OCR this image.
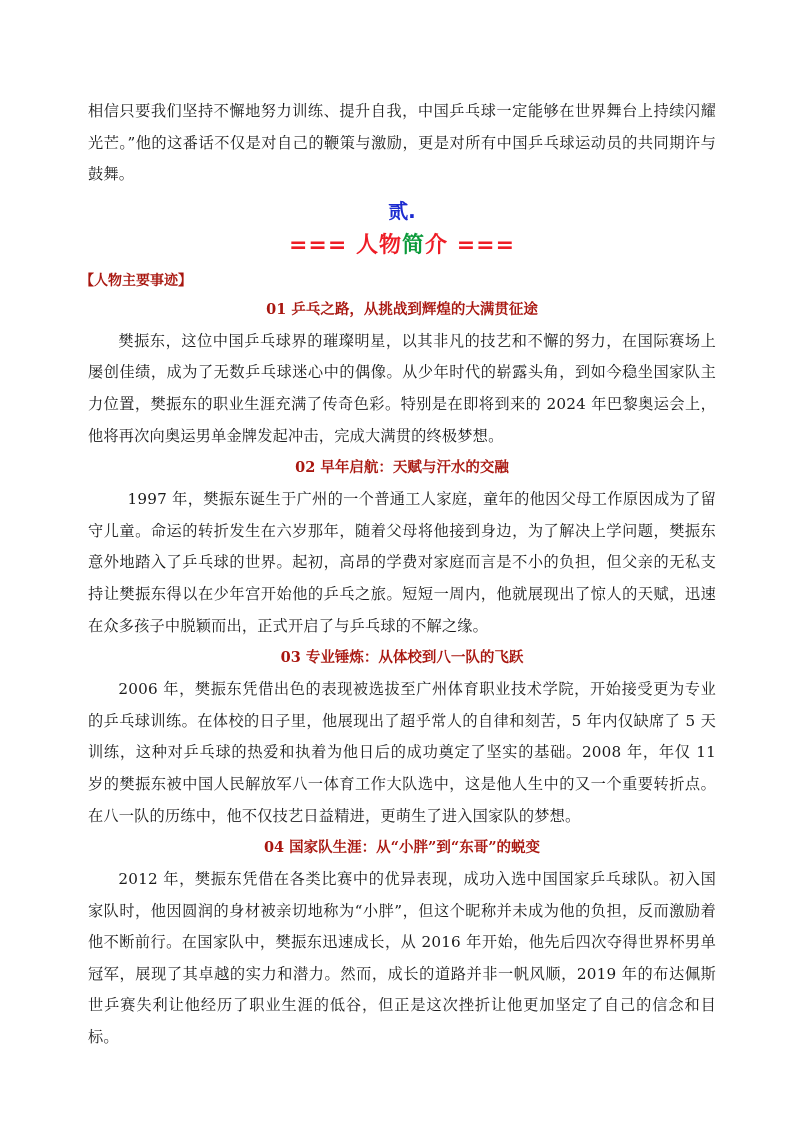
相信只要我们坚持不懈地努力训练、提升自我，中国乒乓球一定能够在世界舞台上持续闪耀光芒。”他的这番话不仅是对自己的鞭策与激励，更是对所有中国乒乓球运动员的共同期许与鼓舞。

贰.
=== 人物简介 ===
【人物主要事迹】
01 乒乓之路，从挑战到辉煌的大满贯征途

樊振东，这位中国乒乓球界的璀璨明星，以其非凡的技艺和不懈的努力，在国际赛场上屡创佳绩，成为了无数乒乓球迷心中的偶像。从少年时代的崭露头角，到如今稳坐国家队主力位置，樊振东的职业生涯充满了传奇色彩。特别是在即将到来的 2024 年巴黎奥运会上，他将再次向奥运男单金牌发起冲击，完成大满贯的终极梦想。

02 早年启航：天赋与汗水的交融

1997 年，樊振东诞生于广州的一个普通工人家庭，童年的他因父母工作原因成为了留守儿童。命运的转折发生在六岁那年，随着父母将他接到身边，为了解决上学问题，樊振东意外地踏入了乒乓球的世界。起初，高昂的学费对家庭而言是不小的负担，但父亲的无私支持让樊振东得以在少年宫开始他的乒乓之旅。短短一周内，他就展现出了惊人的天赋，迅速在众多孩子中脱颖而出，正式开启了与乒乓球的不解之缘。

03 专业锤炼：从体校到八一队的飞跃

2006 年，樊振东凭借出色的表现被选拔至广州体育职业技术学院，开始接受更为专业的乒乓球训练。在体校的日子里，他展现出了超乎常人的自律和刻苦，5 年内仅缺席了 5 天训练，这种对乒乓球的热爱和执着为他日后的成功奠定了坚实的基础。2008 年，年仅 11 岁的樊振东被中国人民解放军八一体育工作大队选中，这是他人生中的又一个重要转折点。在八一队的历练中，他不仅技艺日益精进，更萌生了进入国家队的梦想。

04 国家队生涯：从“小胖”到“东哥”的蜕变

2012 年，樊振东凭借在各类比赛中的优异表现，成功入选中国国家乒乓球队。初入国家队时，他因圆润的身材被亲切地称为“小胖”，但这个昵称并未成为他的负担，反而激励着他不断前行。在国家队中，樊振东迅速成长，从 2016 年开始，他先后四次夺得世界杯男单冠军，展现了其卓越的实力和潜力。然而，成长的道路并非一帆风顺，2019 年的布达佩斯世乒赛失利让他经历了职业生涯的低谷，但正是这次挫折让他更加坚定了自己的信念和目标。
